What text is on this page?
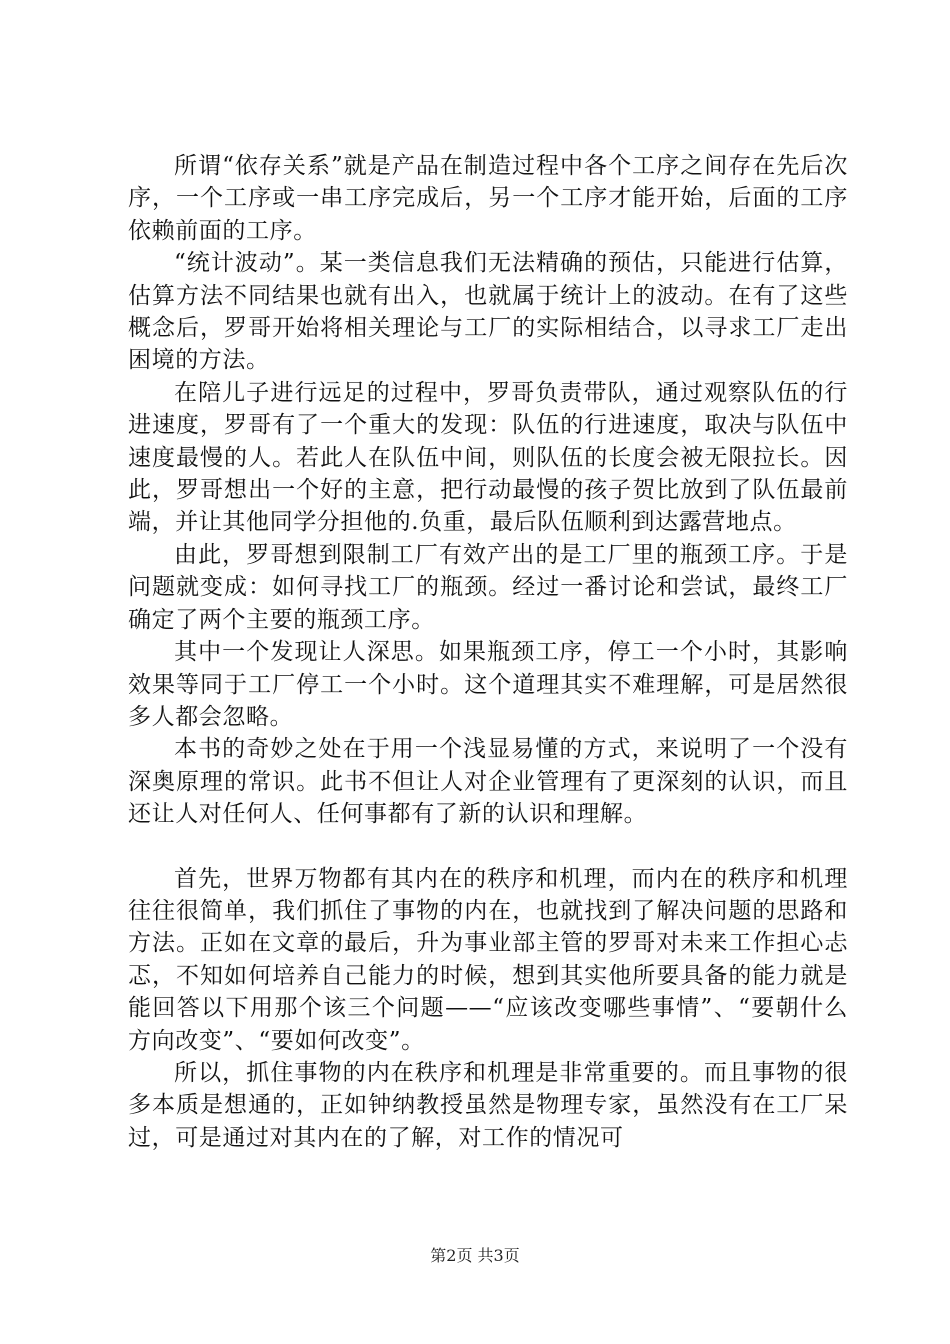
所谓“依存关系”就是产品在制造过程中各个工序之间存在先后次序，一个工序或一串工序完成后，另一个工序才能开始，后面的工序依赖前面的工序。

“统计波动”。某一类信息我们无法精确的预估，只能进行估算，估算方法不同结果也就有出入，也就属于统计上的波动。在有了这些概念后，罗哥开始将相关理论与工厂的实际相结合，以寻求工厂走出困境的方法。

在陪儿子进行远足的过程中，罗哥负责带队，通过观察队伍的行进速度，罗哥有了一个重大的发现：队伍的行进速度，取决与队伍中速度最慢的人。若此人在队伍中间，则队伍的长度会被无限拉长。因此，罗哥想出一个好的主意，把行动最慢的孩子贺比放到了队伍最前端，并让其他同学分担他的.负重，最后队伍顺利到达露营地点。

由此，罗哥想到限制工厂有效产出的是工厂里的瓶颈工序。于是问题就变成：如何寻找工厂的瓶颈。经过一番讨论和尝试，最终工厂确定了两个主要的瓶颈工序。

其中一个发现让人深思。如果瓶颈工序，停工一个小时，其影响效果等同于工厂停工一个小时。这个道理其实不难理解，可是居然很多人都会忽略。

本书的奇妙之处在于用一个浅显易懂的方式，来说明了一个没有深奥原理的常识。此书不但让人对企业管理有了更深刻的认识，而且还让人对任何人、任何事都有了新的认识和理解。

首先，世界万物都有其内在的秩序和机理，而内在的秩序和机理往往很简单，我们抓住了事物的内在，也就找到了解决问题的思路和方法。正如在文章的最后，升为事业部主管的罗哥对未来工作担心忐忑，不知如何培养自己能力的时候，想到其实他所要具备的能力就是能回答以下用那个该三个问题——“应该改变哪些事情”、“要朝什么方向改变”、“要如何改变”。

所以，抓住事物的内在秩序和机理是非常重要的。而且事物的很多本质是想通的，正如钟纳教授虽然是物理专家，虽然没有在工厂呆过，可是通过对其内在的了解，对工作的情况可

第2页 共3页
